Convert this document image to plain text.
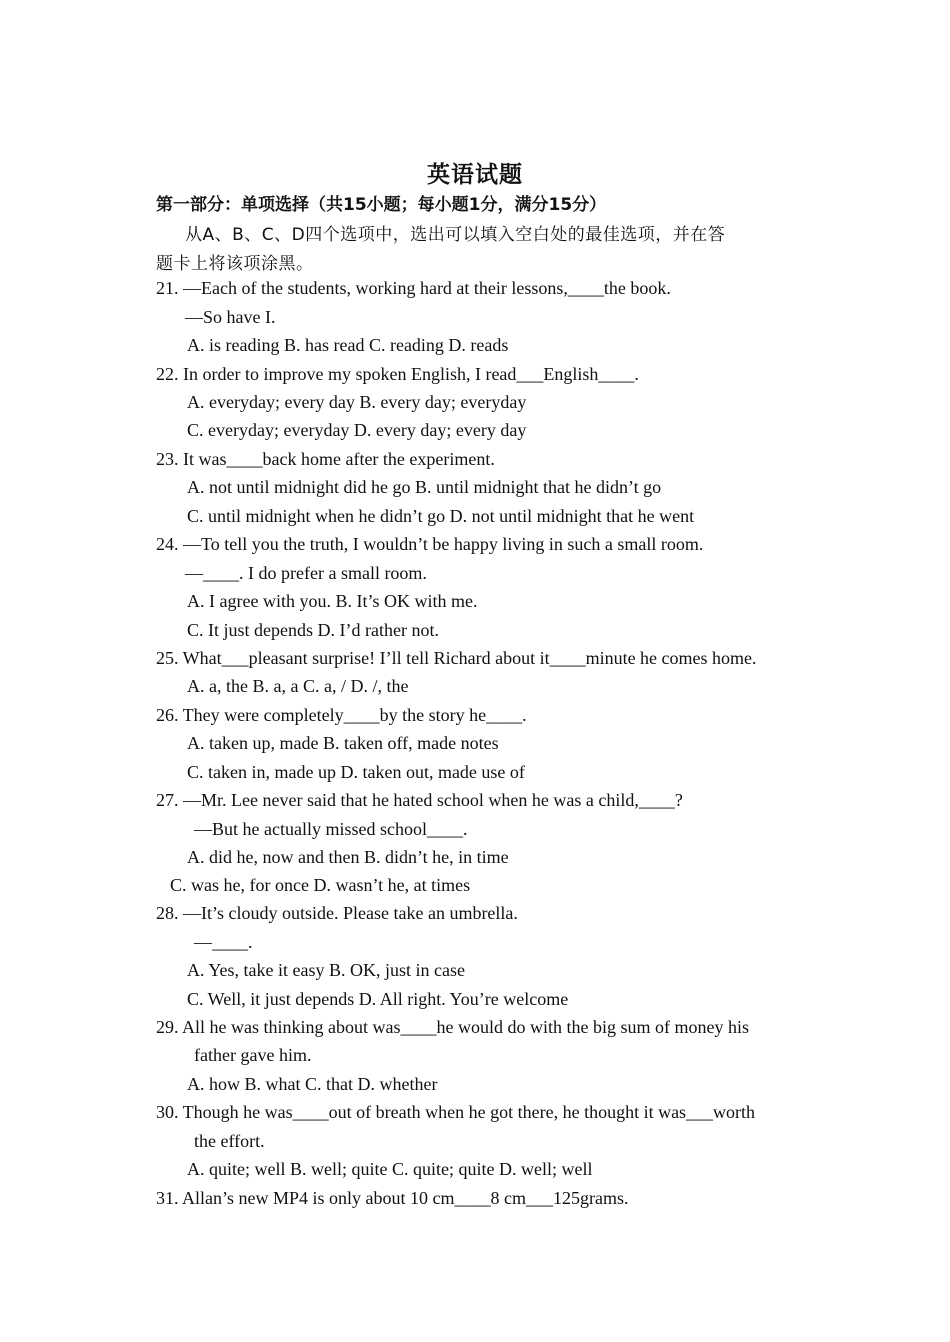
英语试题
第一部分：单项选择（共15小题；每小题1分，满分15分）
从A、B、C、D四个选项中，选出可以填入空白处的最佳选项，并在答
题卡上将该项涂黑。
21. —Each of the students, working hard at their lessons,____the book.
—So have I.
A. is reading B. has read C. reading D. reads
22. In order to improve my spoken English, I read___English____.
A. everyday; every day B. every day; everyday
C. everyday; everyday D. every day; every day
23. It was____back home after the experiment.
A. not until midnight did he go B. until midnight that he didn’t go
C. until midnight when he didn’t go D. not until midnight that he went
24. —To tell you the truth, I wouldn’t be happy living in such a small room.
—____. I do prefer a small room.
A. I agree with you. B. It’s OK with me.
C. It just depends D. I’d rather not.
25. What___pleasant surprise! I’ll tell Richard about it____minute he comes home.
A. a, the B. a, a C. a, / D. /, the
26. They were completely____by the story he____.
A. taken up, made B. taken off, made notes
C. taken in, made up D. taken out, made use of
27. —Mr. Lee never said that he hated school when he was a child,____?
—But he actually missed school____.
A. did he, now and then B. didn’t he, in time
C. was he, for once D. wasn’t he, at times
28. —It’s cloudy outside. Please take an umbrella.
—____.
A. Yes, take it easy B. OK, just in case
C. Well, it just depends D. All right. You’re welcome
29. All he was thinking about was____he would do with the big sum of money his
father gave him.
A. how B. what C. that D. whether
30. Though he was____out of breath when he got there, he thought it was___worth
the effort.
A. quite; well B. well; quite C. quite; quite D. well; well
31. Allan’s new MP4 is only about 10 cm____8 cm___125grams.
